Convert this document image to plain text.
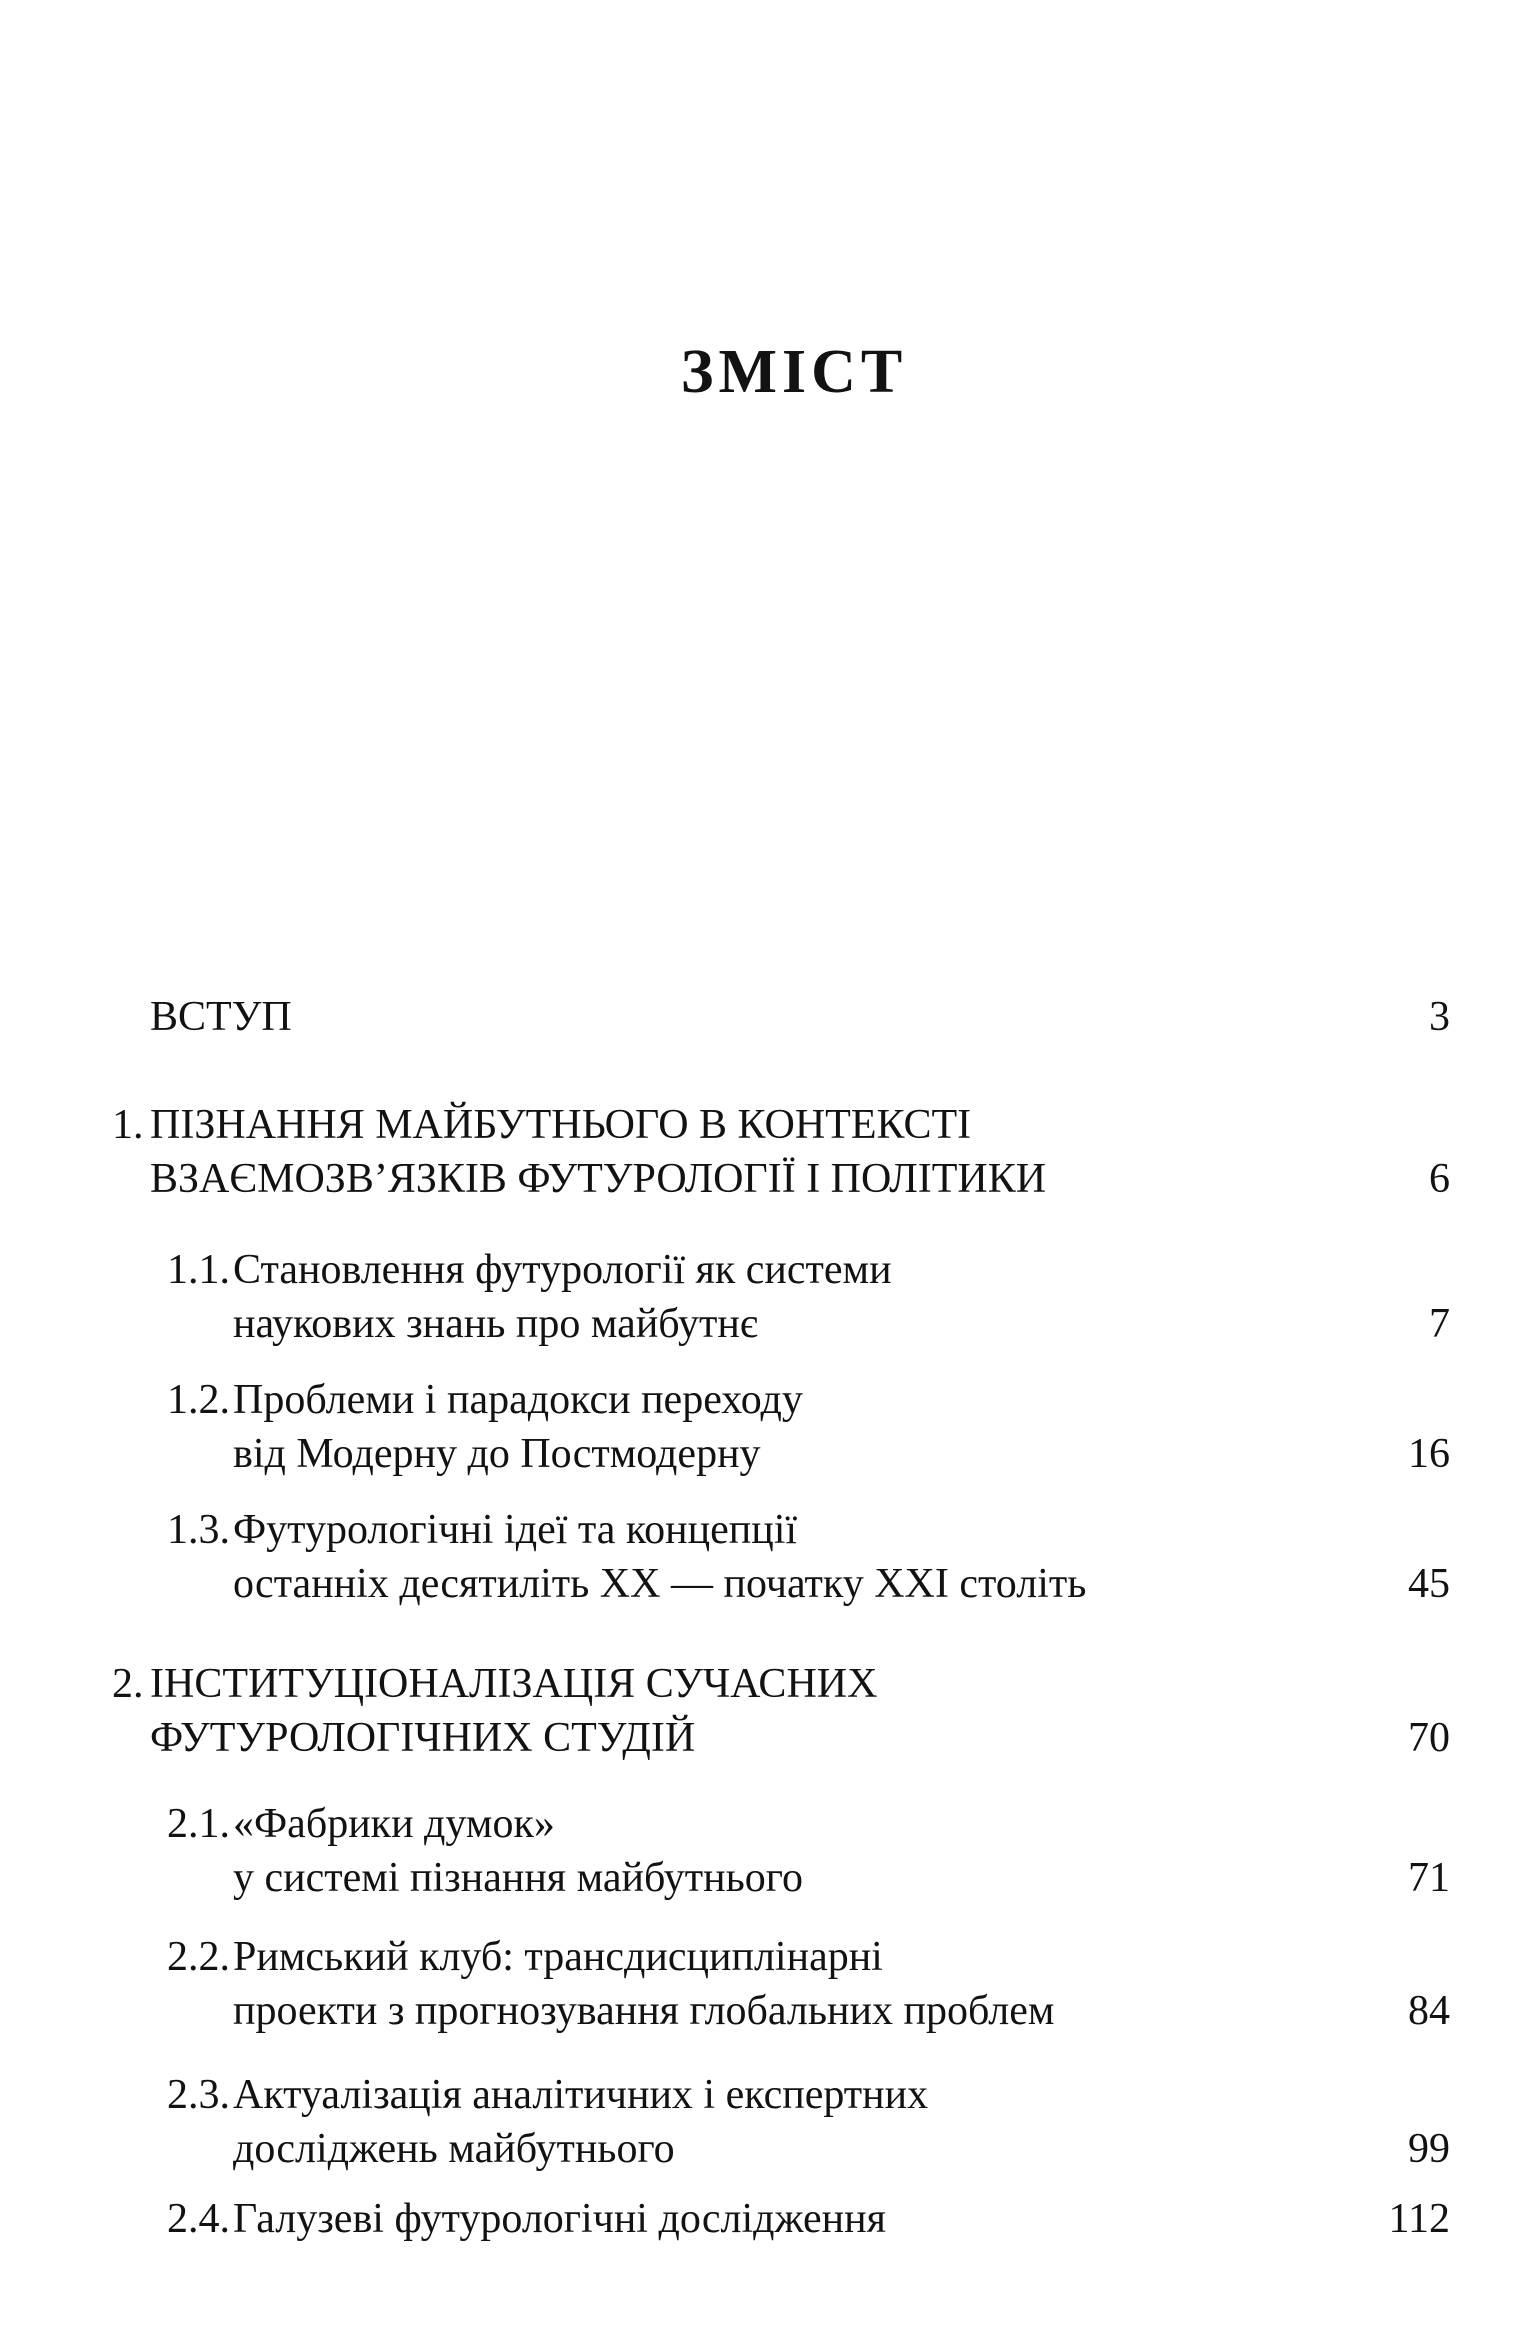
ЗМІСТ

ВСТУП	3

1. ПІЗНАННЯ МАЙБУТНЬОГО В КОНТЕКСТІ
ВЗАЄМОЗВ’ЯЗКІВ ФУТУРОЛОГІЇ І ПОЛІТИКИ	6

1.1.Становлення футурології як системи
наукових знань про майбутнє	7

1.2.Проблеми і парадокси переходу
від Модерну до Постмодерну	16

1.3.Футурологічні ідеї та концепції
останніх десятиліть XX — початку XXI століть	45

2. ІНСТИТУЦІОНАЛІЗАЦІЯ СУЧАСНИХ
ФУТУРОЛОГІЧНИХ СТУДІЙ	70

2.1.«Фабрики думок»
у системі пізнання майбутнього	71

2.2.Римський клуб: трансдисциплінарні
проекти з прогнозування глобальних проблем	84

2.3.Актуалізація аналітичних і експертних
досліджень майбутнього	99

2.4.Галузеві футурологічні дослідження	112
